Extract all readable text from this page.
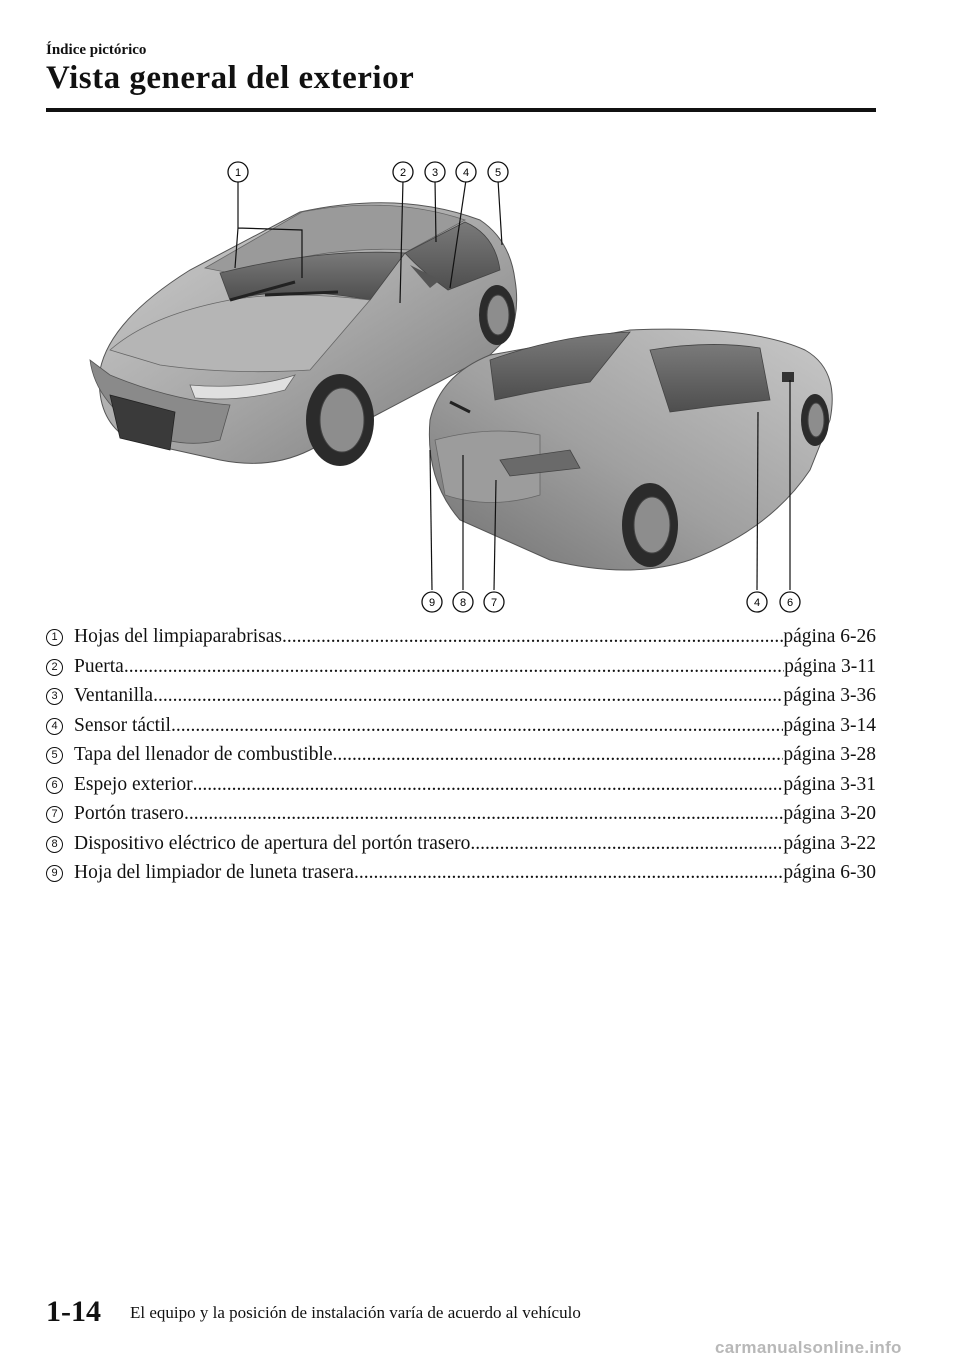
Índice pictórico
Vista general del exterior
1	2 3 4 5
9 8 7	4 6
1 Hojas del limpiaparabrisas .....	página 6-26
2 Puerta .....	página 3-11
3 Ventanilla .....	página 3-36
4 Sensor táctil .....	página 3-14
5 Tapa del llenador de combustible .....	página 3-28
6 Espejo exterior .....	página 3-31
7 Portón trasero .....	página 3-20
8 Dispositivo eléctrico de apertura del portón trasero .....	página 3-22
9 Hoja del limpiador de luneta trasera .....	página 6-30
1-14 El equipo y la posición de instalación varía de acuerdo al vehículo
carmanualsonline.info
